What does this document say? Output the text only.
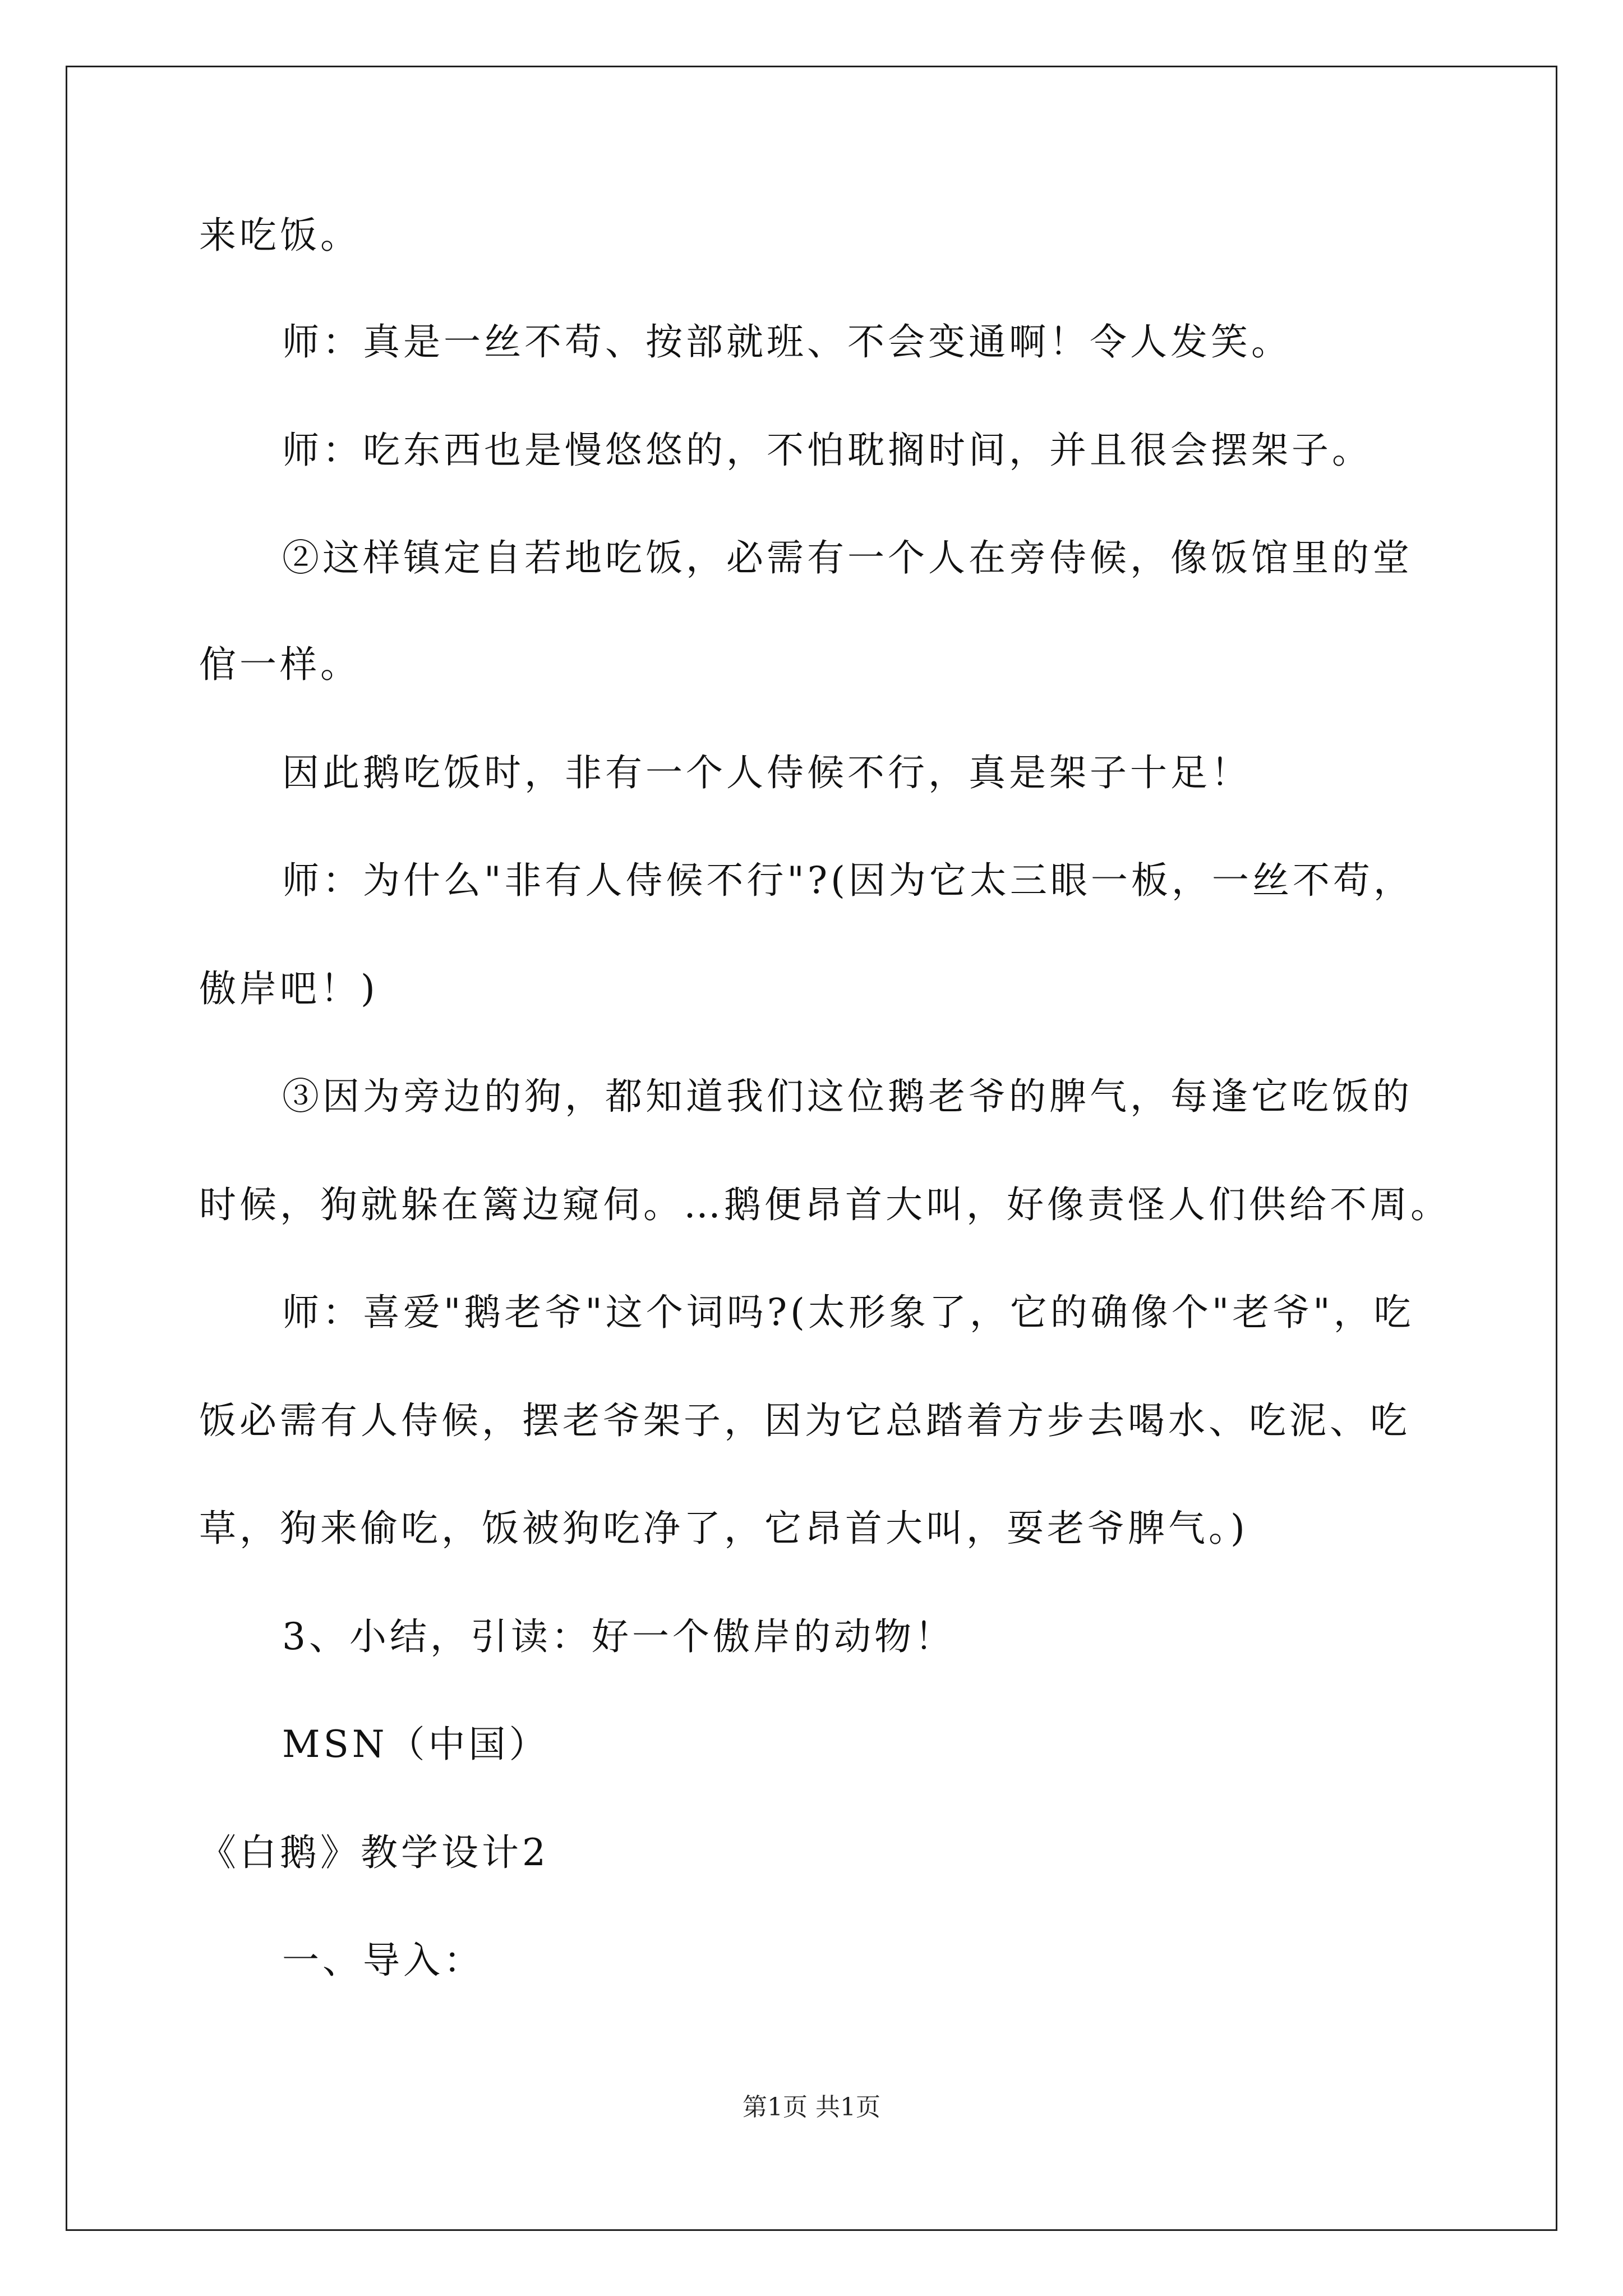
来吃饭。
师：真是一丝不苟、按部就班、不会变通啊！令人发笑。
师：吃东西也是慢悠悠的，不怕耽搁时间，并且很会摆架子。
②这样镇定自若地吃饭，必需有一个人在旁侍候，像饭馆里的堂
倌一样。
因此鹅吃饭时，非有一个人侍候不行，真是架子十足！
师：为什么"非有人侍候不行"?(因为它太三眼一板，一丝不苟，
傲岸吧！)
③因为旁边的狗，都知道我们这位鹅老爷的脾气，每逢它吃饭的
时候，狗就躲在篱边窥伺。…鹅便昂首大叫，好像责怪人们供给不周。
师：喜爱"鹅老爷"这个词吗?(太形象了，它的确像个"老爷"，吃
饭必需有人侍候，摆老爷架子，因为它总踏着方步去喝水、吃泥、吃
草，狗来偷吃，饭被狗吃净了，它昂首大叫，耍老爷脾气。)
3、小结，引读：好一个傲岸的动物！
MSN（中国）
《白鹅》教学设计2
一、导入：
第1页 共1页
